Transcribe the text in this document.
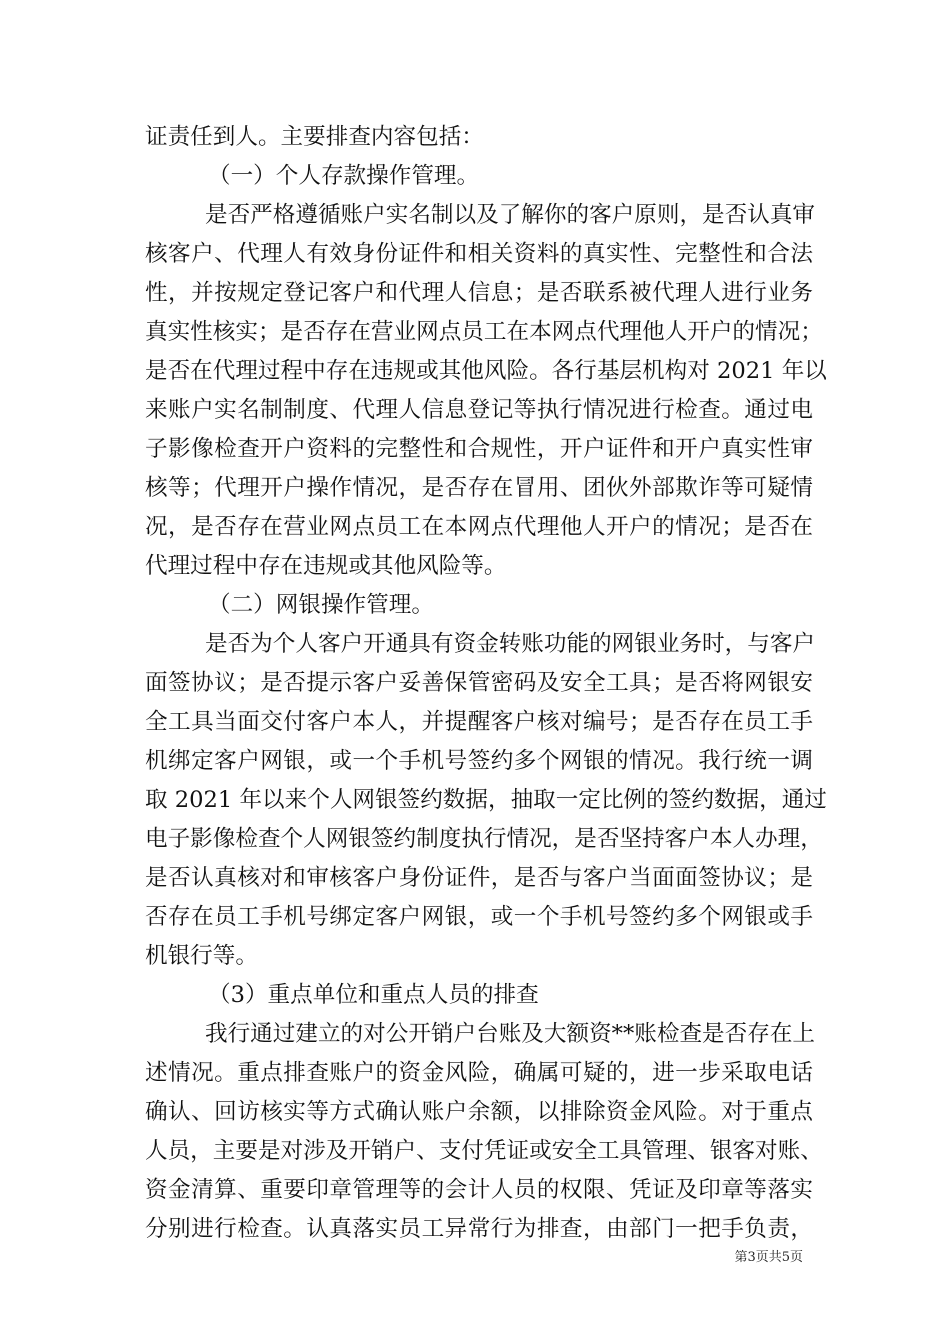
证责任到人。主要排查内容包括：
（一）个人存款操作管理。
是否严格遵循账户实名制以及了解你的客户原则，是否认真审
核客户、代理人有效身份证件和相关资料的真实性、完整性和合法
性，并按规定登记客户和代理人信息；是否联系被代理人进行业务
真实性核实；是否存在营业网点员工在本网点代理他人开户的情况；
是否在代理过程中存在违规或其他风险。各行基层机构对 2021 年以
来账户实名制制度、代理人信息登记等执行情况进行检查。通过电
子影像检查开户资料的完整性和合规性，开户证件和开户真实性审
核等；代理开户操作情况，是否存在冒用、团伙外部欺诈等可疑情
况，是否存在营业网点员工在本网点代理他人开户的情况；是否在
代理过程中存在违规或其他风险等。
（二）网银操作管理。
是否为个人客户开通具有资金转账功能的网银业务时，与客户
面签协议；是否提示客户妥善保管密码及安全工具；是否将网银安
全工具当面交付客户本人，并提醒客户核对编号；是否存在员工手
机绑定客户网银，或一个手机号签约多个网银的情况。我行统一调
取 2021 年以来个人网银签约数据，抽取一定比例的签约数据，通过
电子影像检查个人网银签约制度执行情况，是否坚持客户本人办理，
是否认真核对和审核客户身份证件，是否与客户当面面签协议；是
否存在员工手机号绑定客户网银，或一个手机号签约多个网银或手
机银行等。
（3）重点单位和重点人员的排查
我行通过建立的对公开销户台账及大额资**账检查是否存在上
述情况。重点排查账户的资金风险，确属可疑的，进一步采取电话
确认、回访核实等方式确认账户余额，以排除资金风险。对于重点
人员，主要是对涉及开销户、支付凭证或安全工具管理、银客对账、
资金清算、重要印章管理等的会计人员的权限、凭证及印章等落实
分别进行检查。认真落实员工异常行为排查，由部门一把手负责，
第3页共5页
